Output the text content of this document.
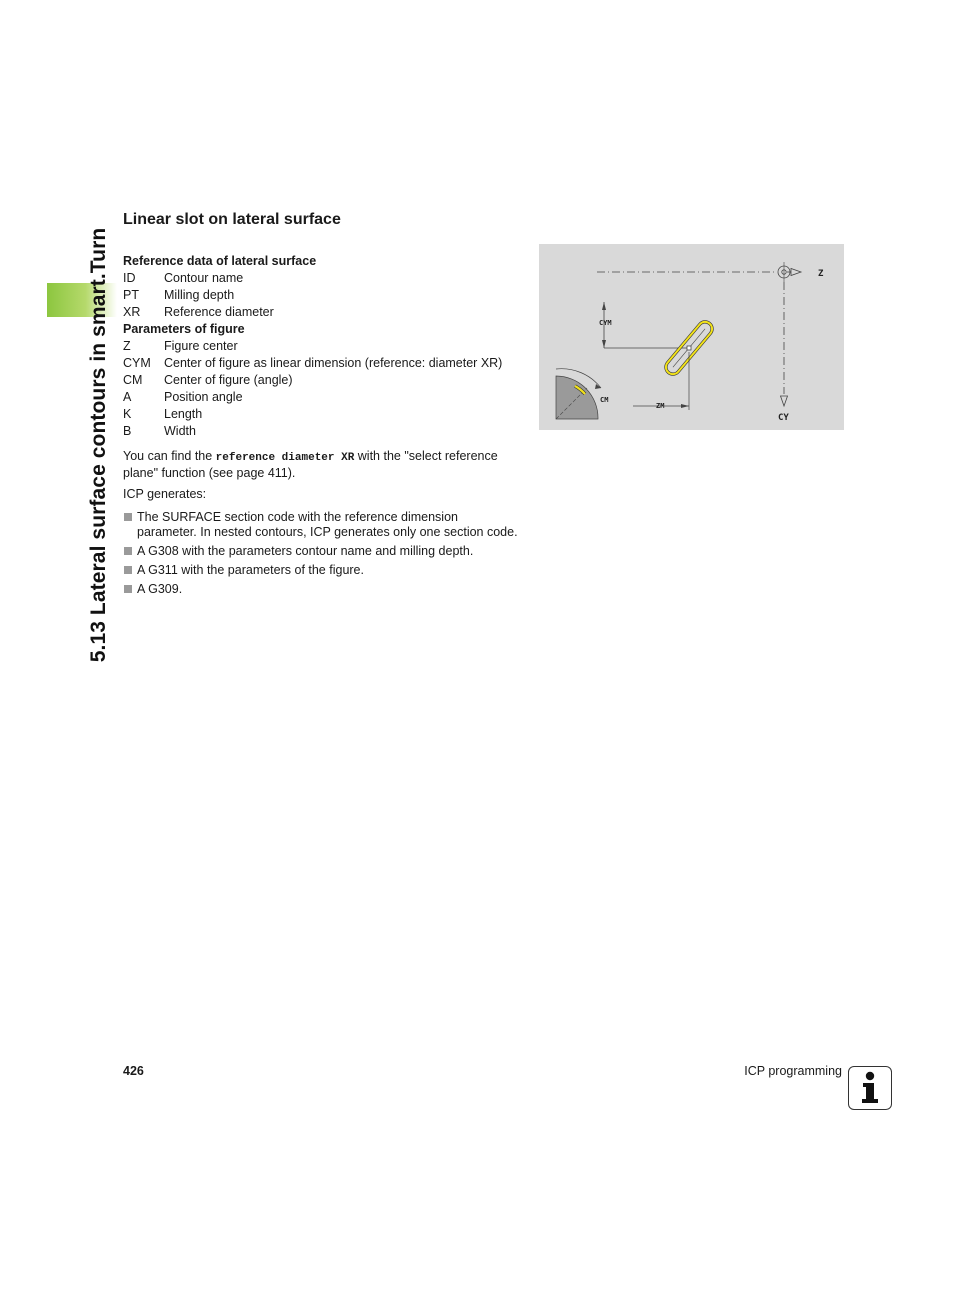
5.13 Lateral surface contours in smart.Turn
Linear slot on lateral surface
Reference data of lateral surface
ID	Contour name
PT	Milling depth
XR	Reference diameter
Parameters of figure
Z	Figure center
CYM	Center of figure as linear dimension (reference: diameter XR)
CM	Center of figure (angle)
A	Position angle
K	Length
B	Width
You can find the reference diameter XR with the "select reference plane" function (see page 411).
ICP generates:
The SURFACE section code with the reference dimension parameter. In nested contours, ICP generates only one section code.
A G308 with the parameters contour name and milling depth.
A G311 with the parameters of the figure.
A G309.
Z
CY
CYM
ZM
CM
426	ICP programming
